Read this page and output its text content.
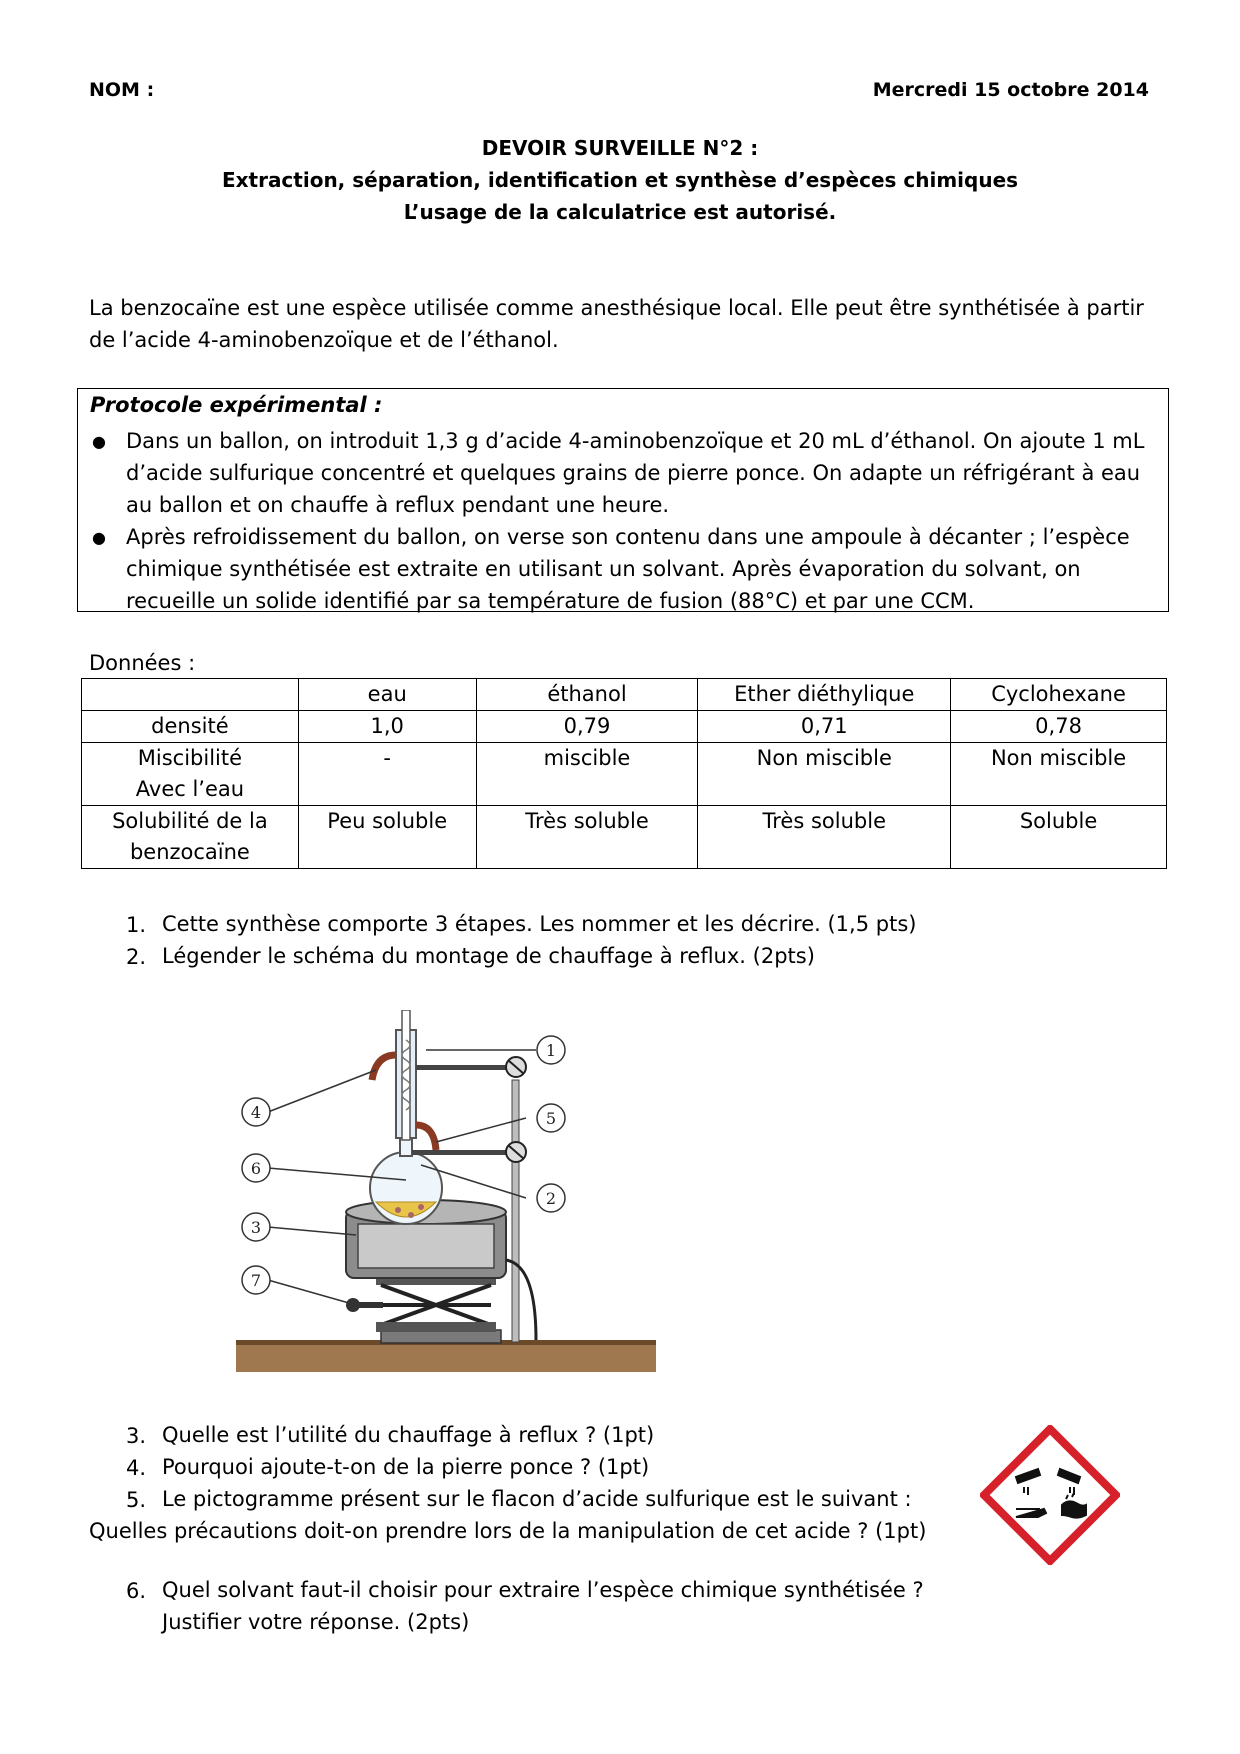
NOM :	Mercredi 15 octobre 2014
DEVOIR SURVEILLE N°2 :
Extraction, séparation, identification et synthèse d’espèces chimiques
L’usage de la calculatrice est autorisé.
La benzocaïne est une espèce utilisée comme anesthésique local. Elle peut être synthétisée à partir
de l’acide 4-aminobenzoïque et de l’éthanol.
Protocole expérimental :
● Dans un ballon, on introduit 1,3 g d’acide 4-aminobenzoïque et 20 mL d’éthanol. On ajoute 1 mL
d’acide sulfurique concentré et quelques grains de pierre ponce. On adapte un réfrigérant à eau
au ballon et on chauffe à reflux pendant une heure.
● Après refroidissement du ballon, on verse son contenu dans une ampoule à décanter ; l’espèce
chimique synthétisée est extraite en utilisant un solvant. Après évaporation du solvant, on
recueille un solide identifié par sa température de fusion (88°C) et par une CCM.
Données :
	eau	éthanol	Ether diéthylique	Cyclohexane
densité	1,0	0,79	0,71	0,78
Miscibilité
Avec l’eau	-	miscible	Non miscible	Non miscible
Solubilité de la
benzocaïne	Peu soluble	Très soluble	Très soluble	Soluble
1. Cette synthèse comporte 3 étapes. Les nommer et les décrire. (1,5 pts)
2. Légender le schéma du montage de chauffage à reflux. (2pts)
1
2
3
4	5
6
7
3. Quelle est l’utilité du chauffage à reflux ? (1pt)
4. Pourquoi ajoute-t-on de la pierre ponce ? (1pt)
5. Le pictogramme présent sur le flacon d’acide sulfurique est le suivant :
Quelles précautions doit-on prendre lors de la manipulation de cet acide ? (1pt)
6. Quel solvant faut-il choisir pour extraire l’espèce chimique synthétisée ?
Justifier votre réponse. (2pts)
